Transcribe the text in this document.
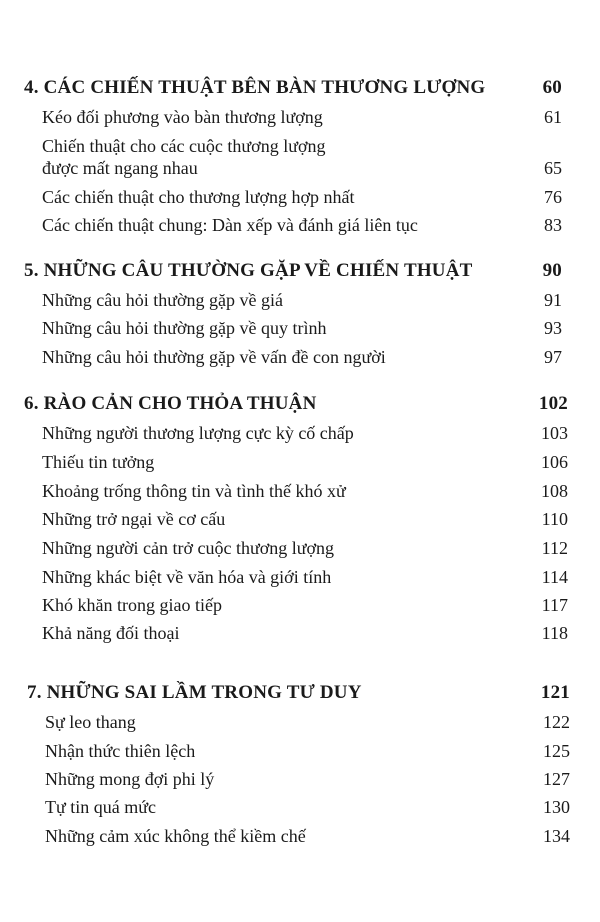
4. CÁC CHIẾN THUẬT BÊN BÀN THƯƠNG LƯỢNG	60
Kéo đối phương vào bàn thương lượng	61
Chiến thuật cho các cuộc thương lượng
được mất ngang nhau	65
Các chiến thuật cho thương lượng hợp nhất	76
Các chiến thuật chung: Dàn xếp và đánh giá liên tục	83
5. NHỮNG CÂU THƯỜNG GẶP VỀ CHIẾN THUẬT	90
Những câu hỏi thường gặp về giá	91
Những câu hỏi thường gặp về quy trình	93
Những câu hỏi thường gặp về vấn đề con người	97
6. RÀO CẢN CHO THỎA THUẬN	102
Những người thương lượng cực kỳ cố chấp	103
Thiếu tin tưởng	106
Khoảng trống thông tin và tình thế khó xử	108
Những trở ngại về cơ cấu	110
Những người cản trở cuộc thương lượng	112
Những khác biệt về văn hóa và giới tính	114
Khó khăn trong giao tiếp	117
Khả năng đối thoại	118
7. NHỮNG SAI LẦM TRONG TƯ DUY	121
Sự leo thang	122
Nhận thức thiên lệch	125
Những mong đợi phi lý	127
Tự tin quá mức	130
Những cảm xúc không thể kiềm chế	134
